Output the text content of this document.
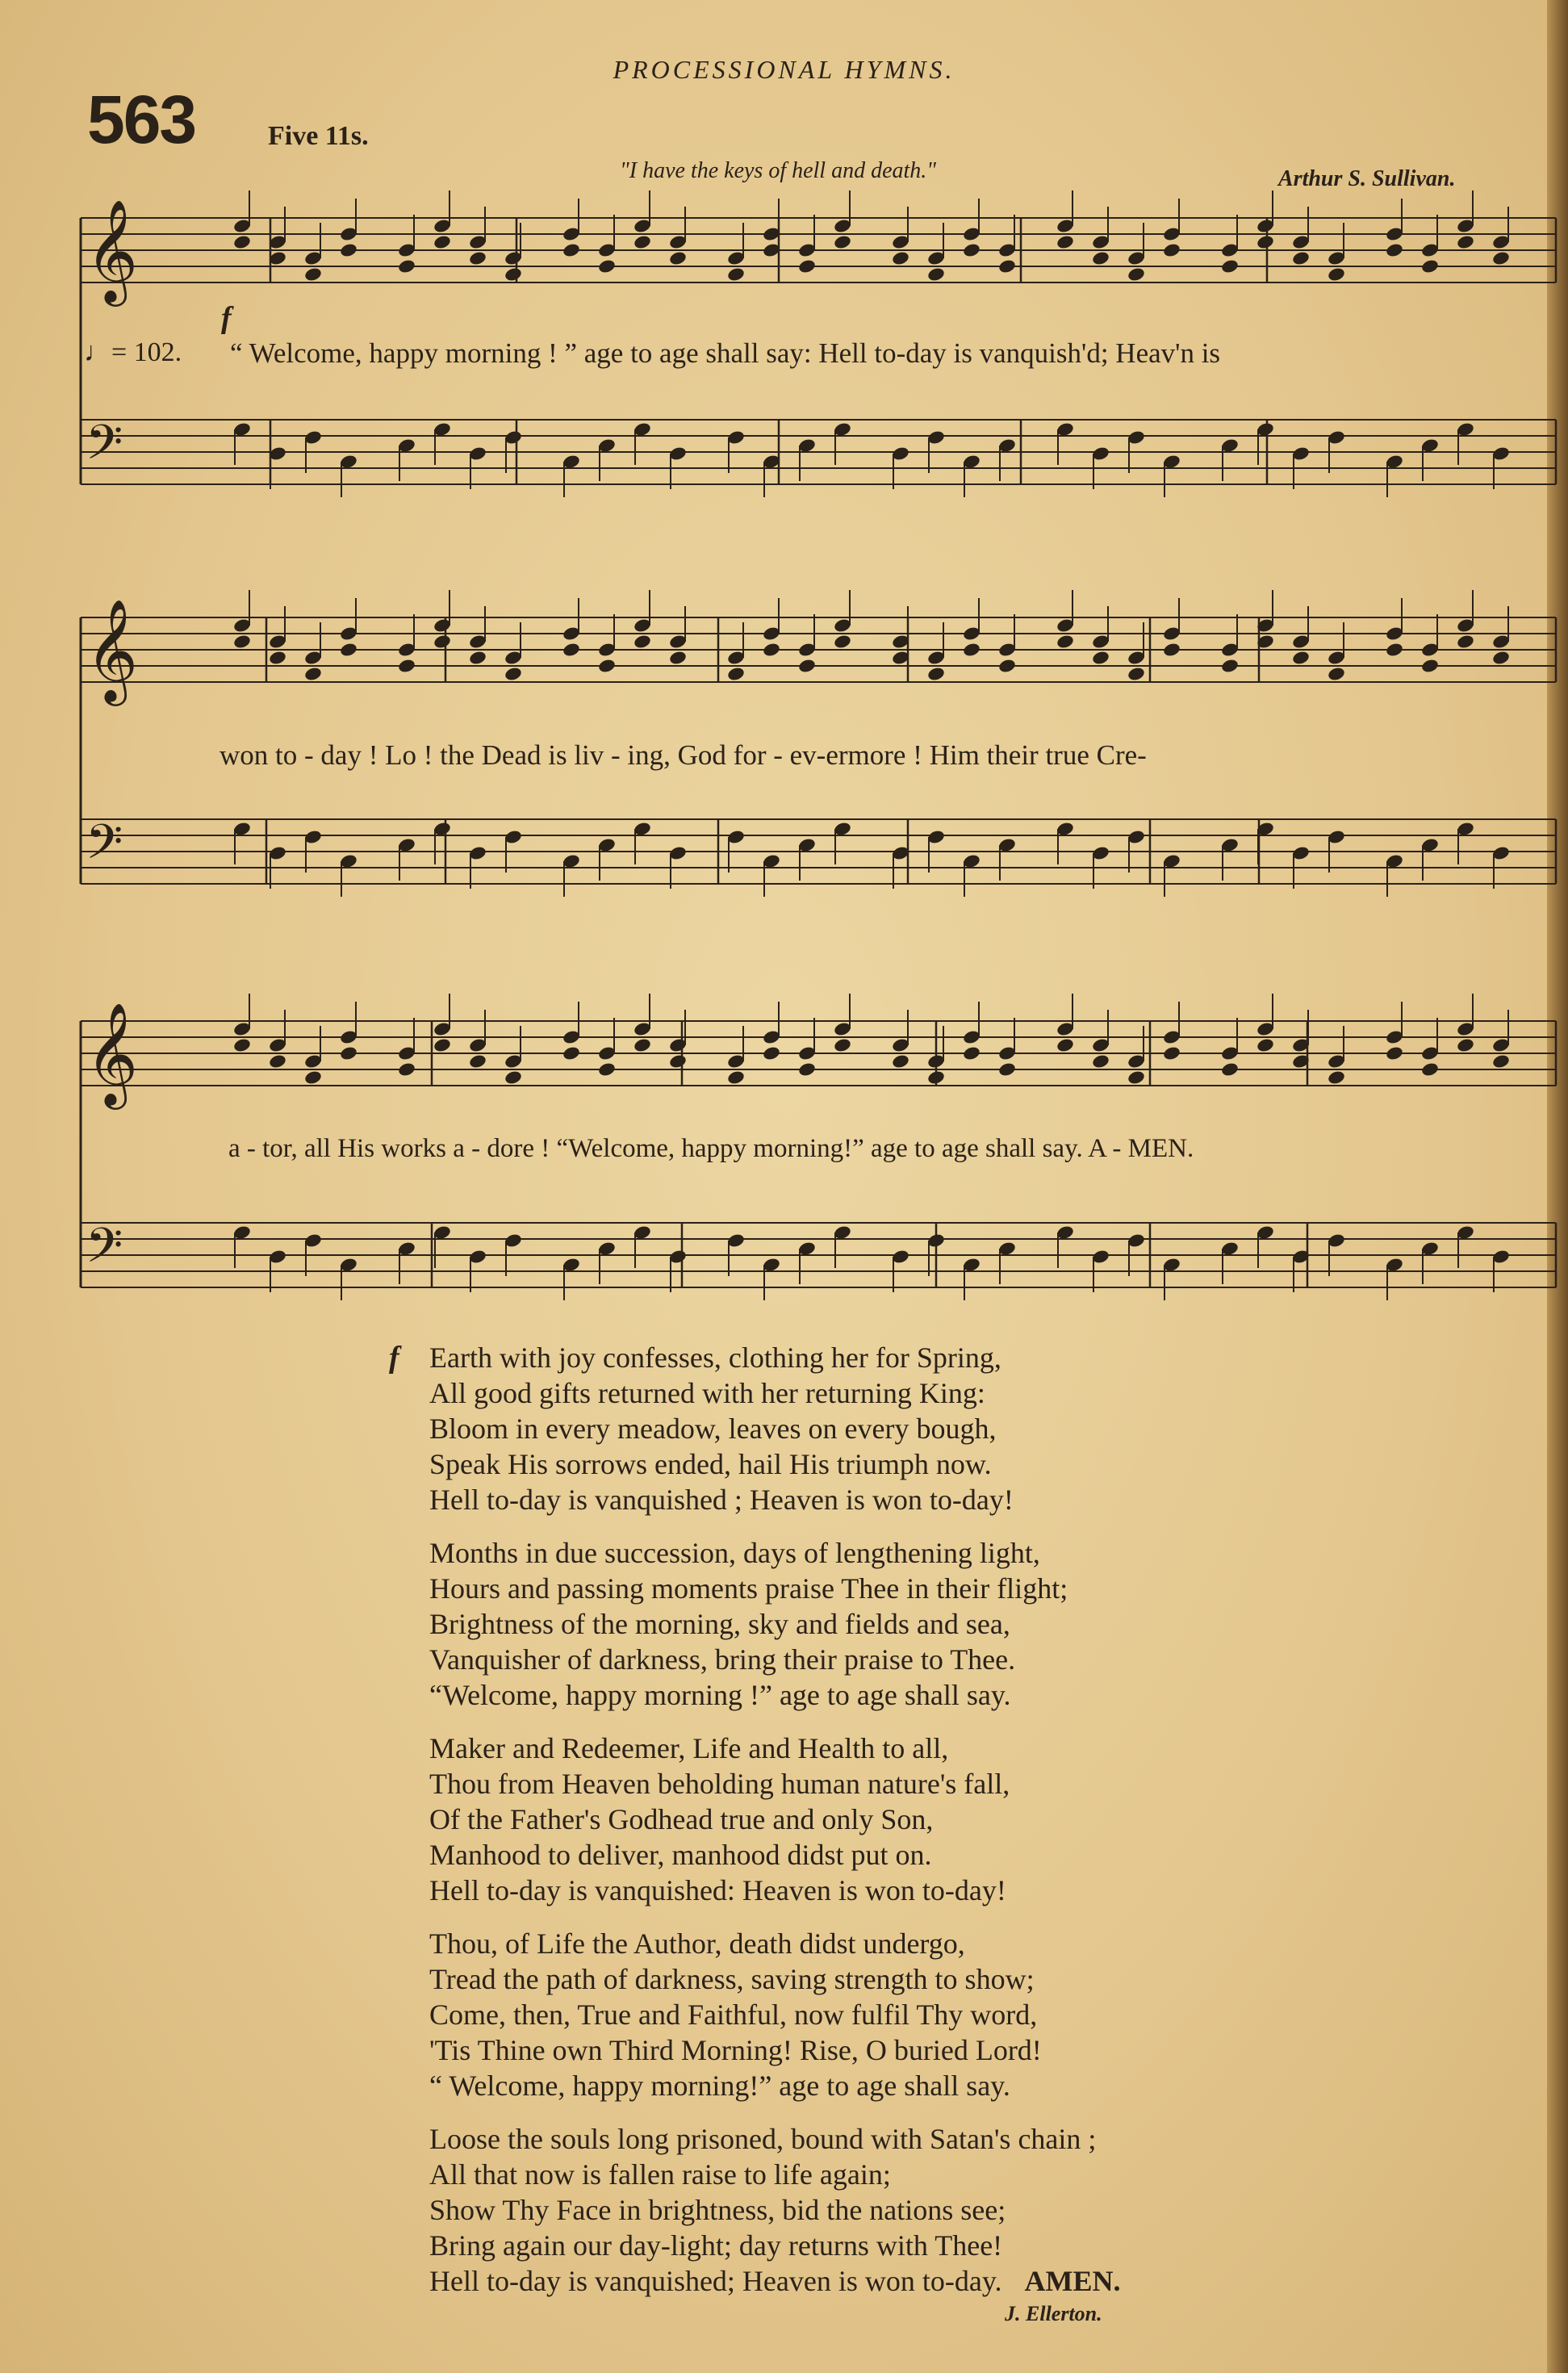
PROCESSIONAL HYMNS.
563	Five 11s.
"I have the keys of hell and death."	Arthur S. Sullivan.
𝄞
𝄢
𝄞
𝄢
𝄞
𝄢
f
♩= 102. “ Welcome, happy morning ! ” age to age shall say: Hell to-day is vanquish'd; Heav'n is
won to - day ! Lo ! the Dead is liv - ing, God for - ev-ermore ! Him their true Cre-
a - tor, all His works a - dore ! “Welcome, happy morning!” age to age shall say. A - MEN.
f Earth with joy confesses, clothing her for Spring,
All good gifts returned with her returning King:
Bloom in every meadow, leaves on every bough,
Speak His sorrows ended, hail His triumph now.
Hell to-day is vanquished ; Heaven is won to-day!
Months in due succession, days of lengthening light,
Hours and passing moments praise Thee in their flight;
Brightness of the morning, sky and fields and sea,
Vanquisher of darkness, bring their praise to Thee.
“Welcome, happy morning !” age to age shall say.
Maker and Redeemer, Life and Health to all,
Thou from Heaven beholding human nature's fall,
Of the Father's Godhead true and only Son,
Manhood to deliver, manhood didst put on.
Hell to-day is vanquished: Heaven is won to-day!
Thou, of Life the Author, death didst undergo,
Tread the path of darkness, saving strength to show;
Come, then, True and Faithful, now fulfil Thy word,
'Tis Thine own Third Morning! Rise, O buried Lord!
“ Welcome, happy morning!” age to age shall say.
Loose the souls long prisoned, bound with Satan's chain ;
All that now is fallen raise to life again;
Show Thy Face in brightness, bid the nations see;
Bring again our day-light; day returns with Thee!
Hell to-day is vanquished; Heaven is won to-day. AMEN.
J. Ellerton.
